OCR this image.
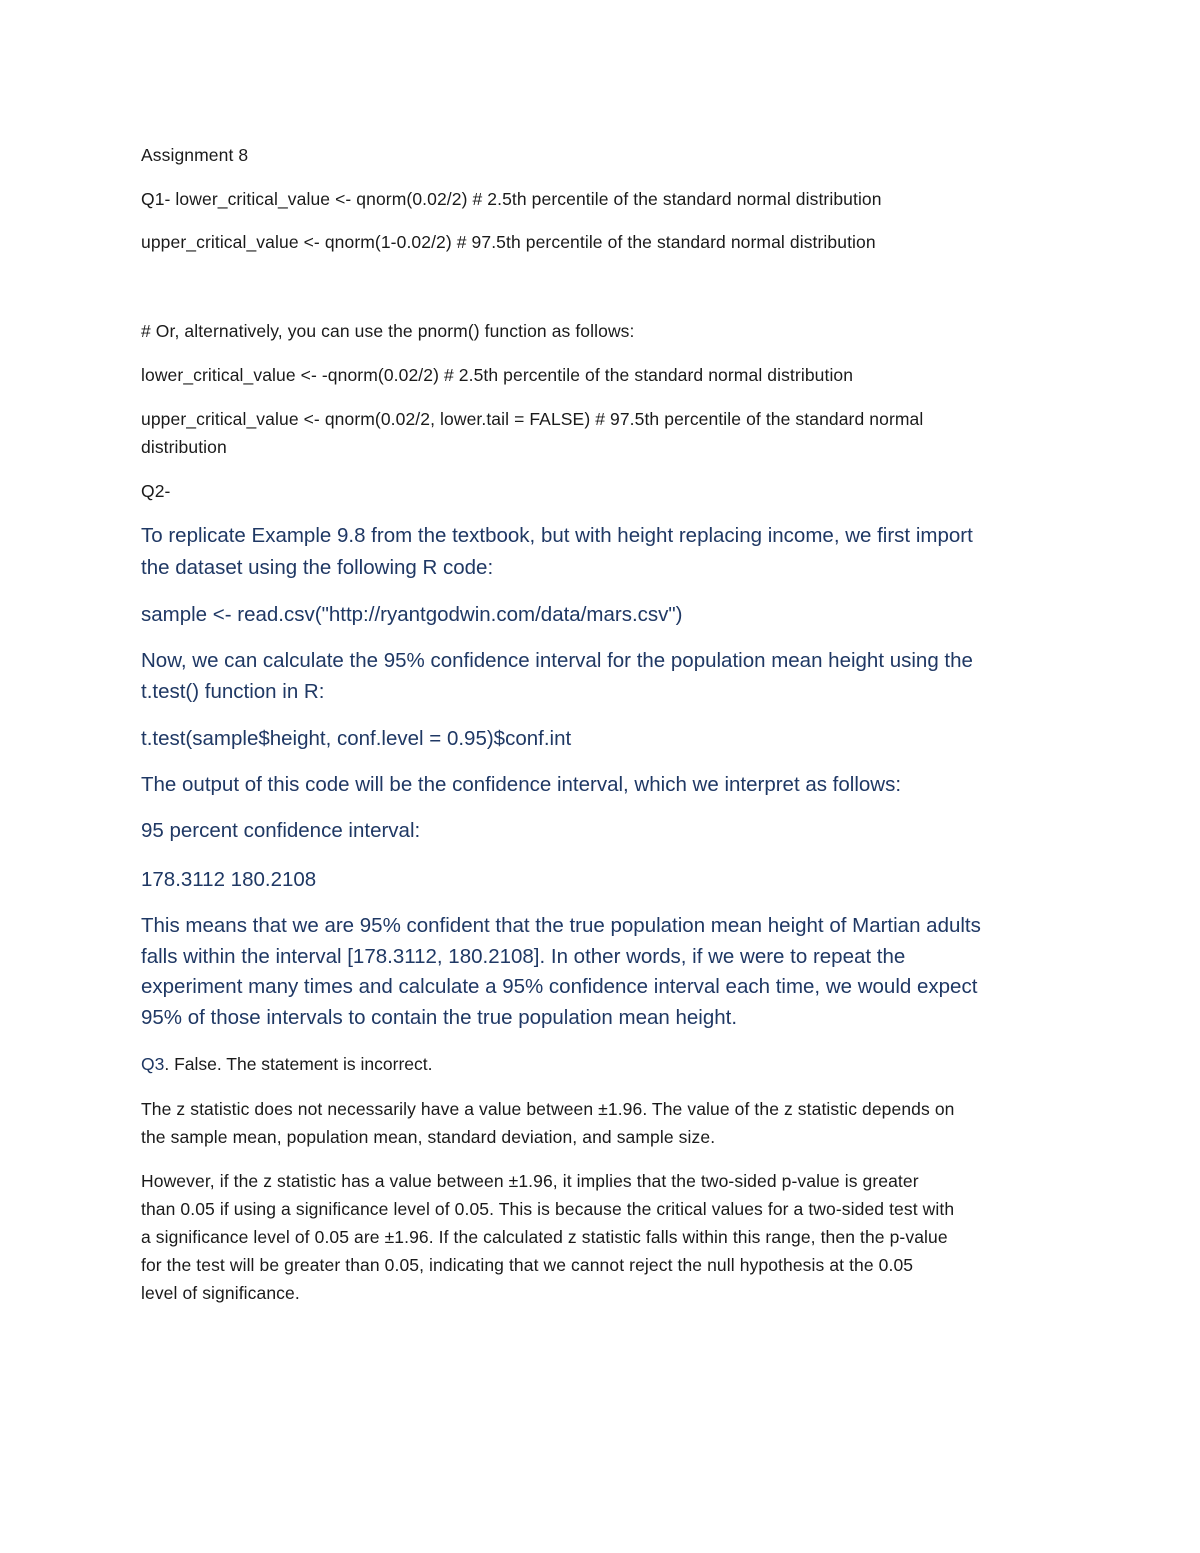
Assignment 8

Q1- lower_critical_value <- qnorm(0.02/2) # 2.5th percentile of the standard normal distribution

upper_critical_value <- qnorm(1-0.02/2) # 97.5th percentile of the standard normal distribution

# Or, alternatively, you can use the pnorm() function as follows:

lower_critical_value <- -qnorm(0.02/2) # 2.5th percentile of the standard normal distribution

upper_critical_value <- qnorm(0.02/2, lower.tail = FALSE) # 97.5th percentile of the standard normal

distribution

Q2-

To replicate Example 9.8 from the textbook, but with height replacing income, we first import

the dataset using the following R code:

sample <- read.csv("http://ryantgodwin.com/data/mars.csv")

Now, we can calculate the 95% confidence interval for the population mean height using the

t.test() function in R:

t.test(sample$height, conf.level = 0.95)$conf.int

The output of this code will be the confidence interval, which we interpret as follows:

95 percent confidence interval:

178.3112 180.2108

This means that we are 95% confident that the true population mean height of Martian adults

falls within the interval [178.3112, 180.2108]. In other words, if we were to repeat the

experiment many times and calculate a 95% confidence interval each time, we would expect

95% of those intervals to contain the true population mean height.

Q3. False. The statement is incorrect.

The z statistic does not necessarily have a value between ±1.96. The value of the z statistic depends on

the sample mean, population mean, standard deviation, and sample size.

However, if the z statistic has a value between ±1.96, it implies that the two-sided p-value is greater

than 0.05 if using a significance level of 0.05. This is because the critical values for a two-sided test with

a significance level of 0.05 are ±1.96. If the calculated z statistic falls within this range, then the p-value

for the test will be greater than 0.05, indicating that we cannot reject the null hypothesis at the 0.05

level of significance.
